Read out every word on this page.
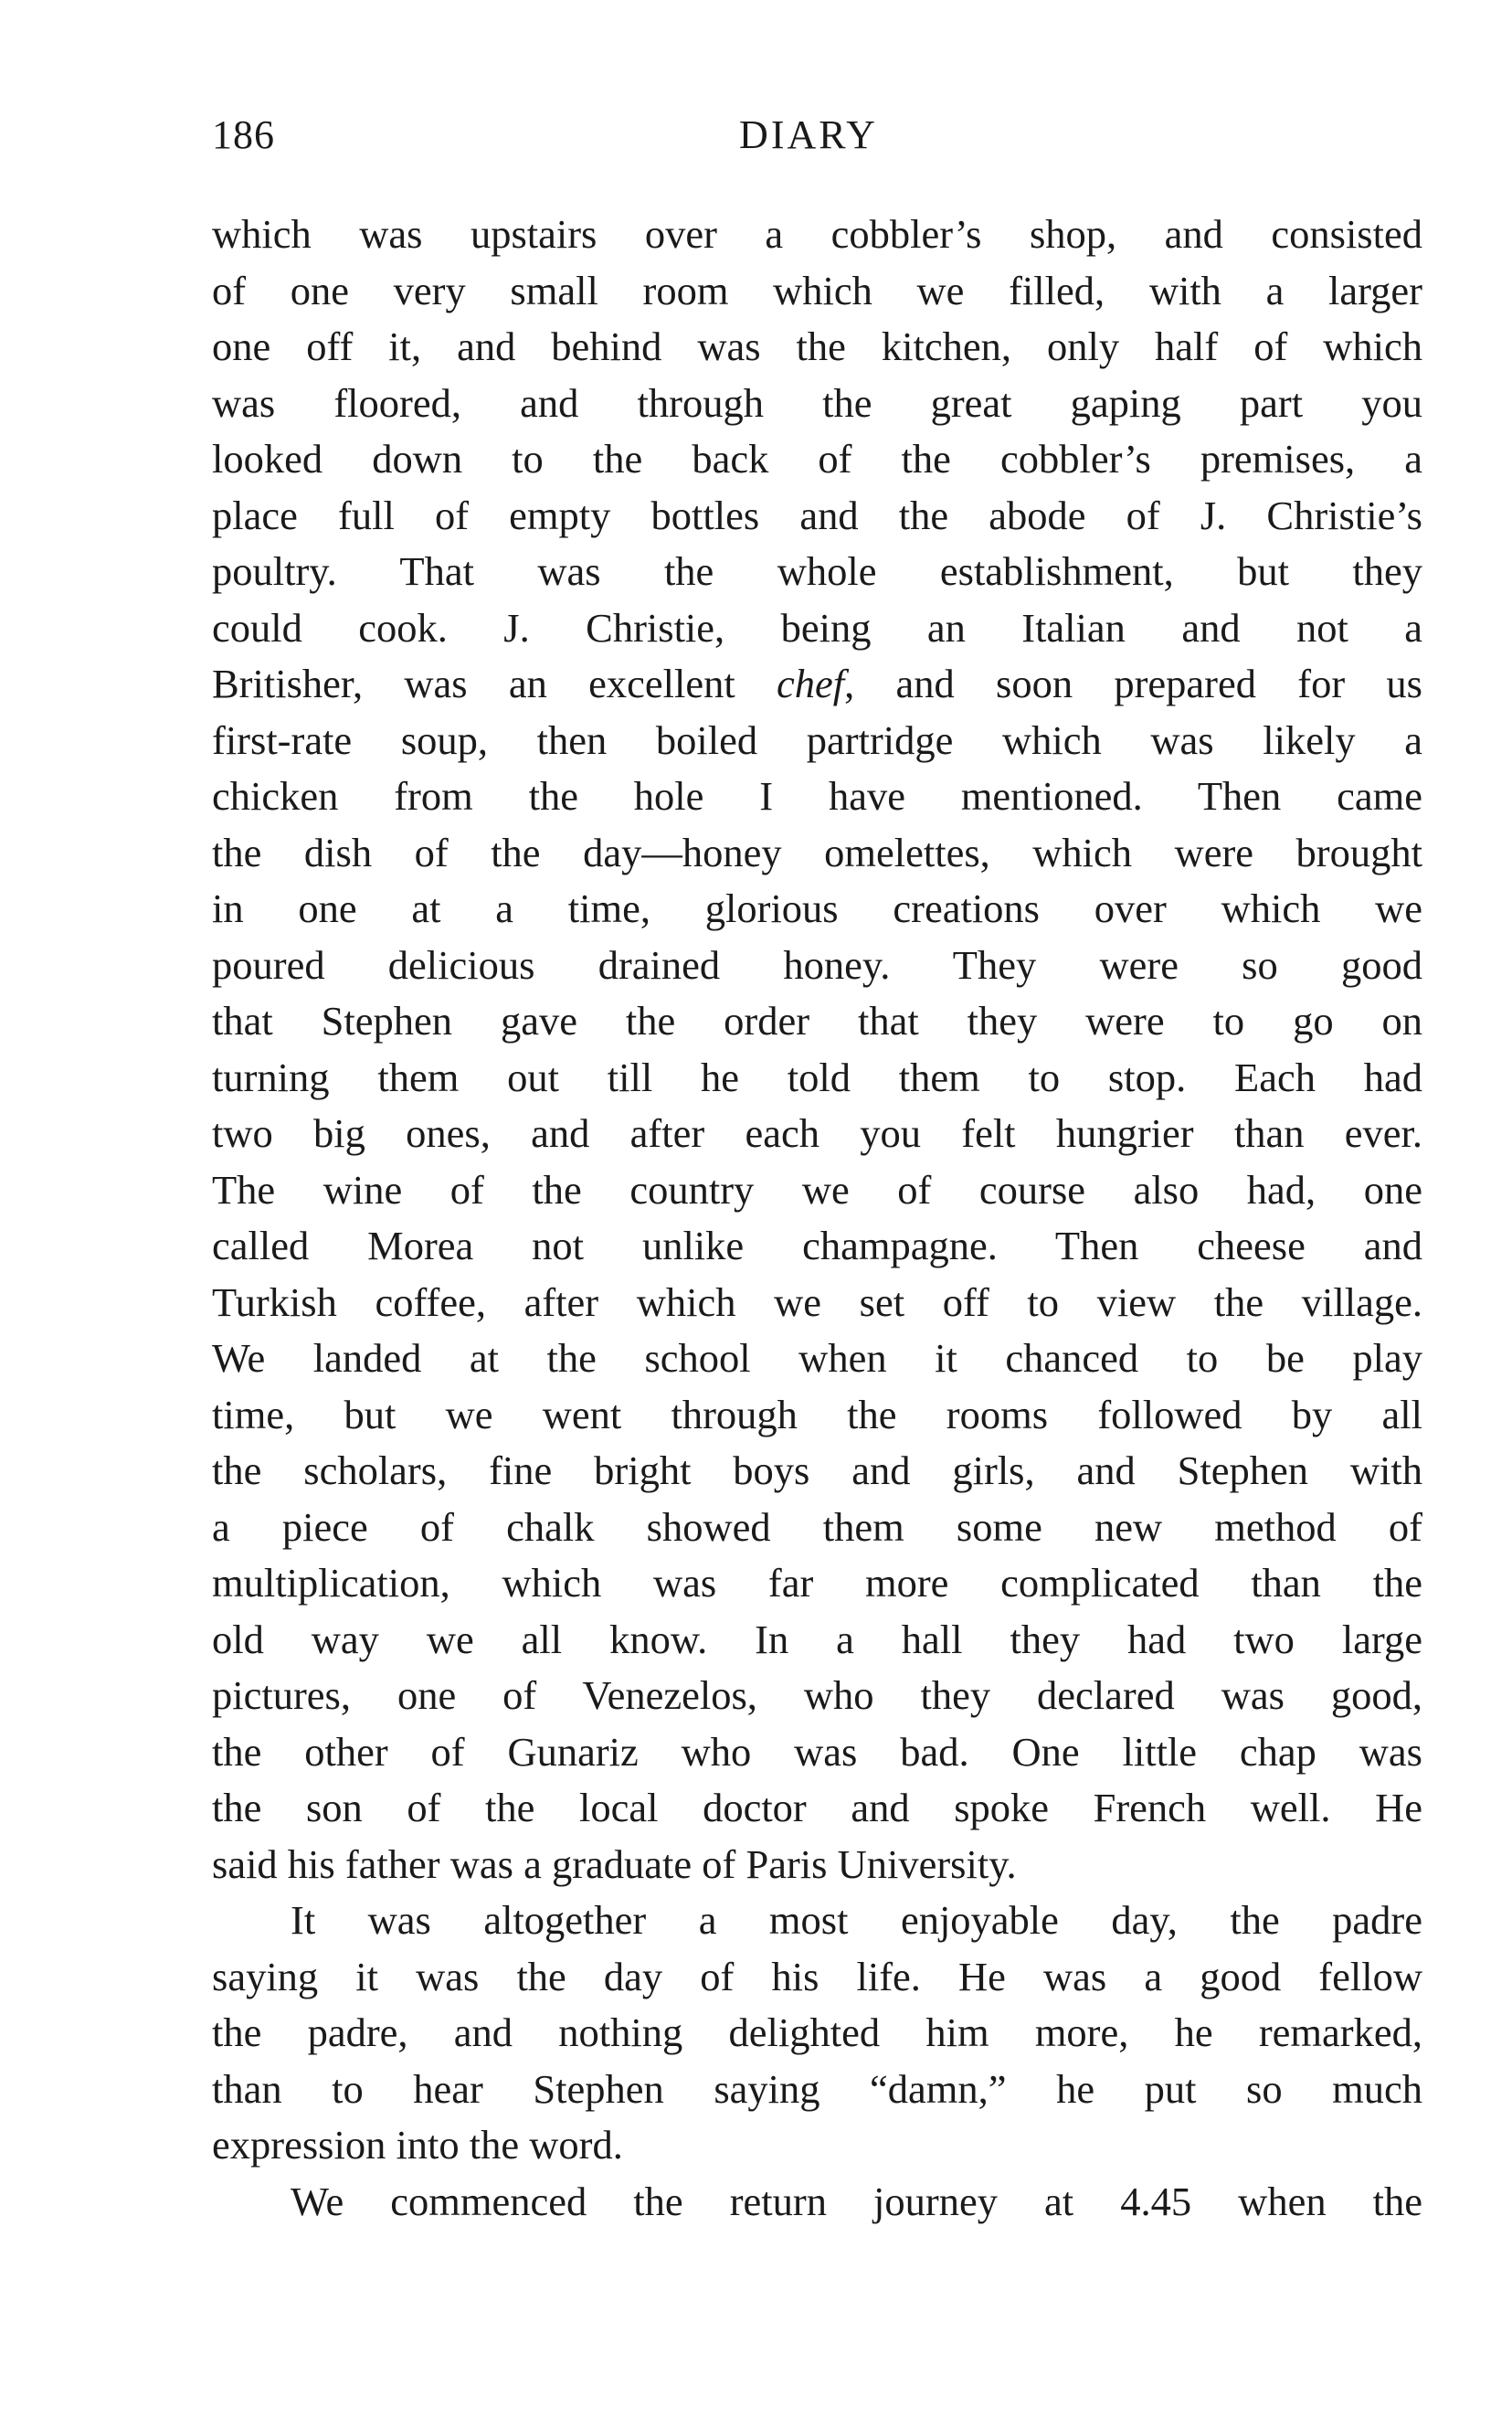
186	DIARY
which was upstairs over a cobbler’s shop, and consisted
of one very small room which we filled, with a larger
one off it, and behind was the kitchen, only half of which
was floored, and through the great gaping part you
looked down to the back of the cobbler’s premises, a
place full of empty bottles and the abode of J. Christie’s
poultry. That was the whole establishment, but they
could cook. J. Christie, being an Italian and not a
Britisher, was an excellent chef, and soon prepared for us
first-rate soup, then boiled partridge which was likely a
chicken from the hole I have mentioned. Then came
the dish of the day—honey omelettes, which were brought
in one at a time, glorious creations over which we
poured delicious drained honey. They were so good
that Stephen gave the order that they were to go on
turning them out till he told them to stop. Each had
two big ones, and after each you felt hungrier than ever.
The wine of the country we of course also had, one
called Morea not unlike champagne. Then cheese and
Turkish coffee, after which we set off to view the village.
We landed at the school when it chanced to be play
time, but we went through the rooms followed by all
the scholars, fine bright boys and girls, and Stephen with
a piece of chalk showed them some new method of
multiplication, which was far more complicated than the
old way we all know. In a hall they had two large
pictures, one of Venezelos, who they declared was good,
the other of Gunariz who was bad. One little chap was
the son of the local doctor and spoke French well. He
said his father was a graduate of Paris University.
It was altogether a most enjoyable day, the padre
saying it was the day of his life. He was a good fellow
the padre, and nothing delighted him more, he remarked,
than to hear Stephen saying “damn,” he put so much
expression into the word.
We commenced the return journey at 4.45 when the
